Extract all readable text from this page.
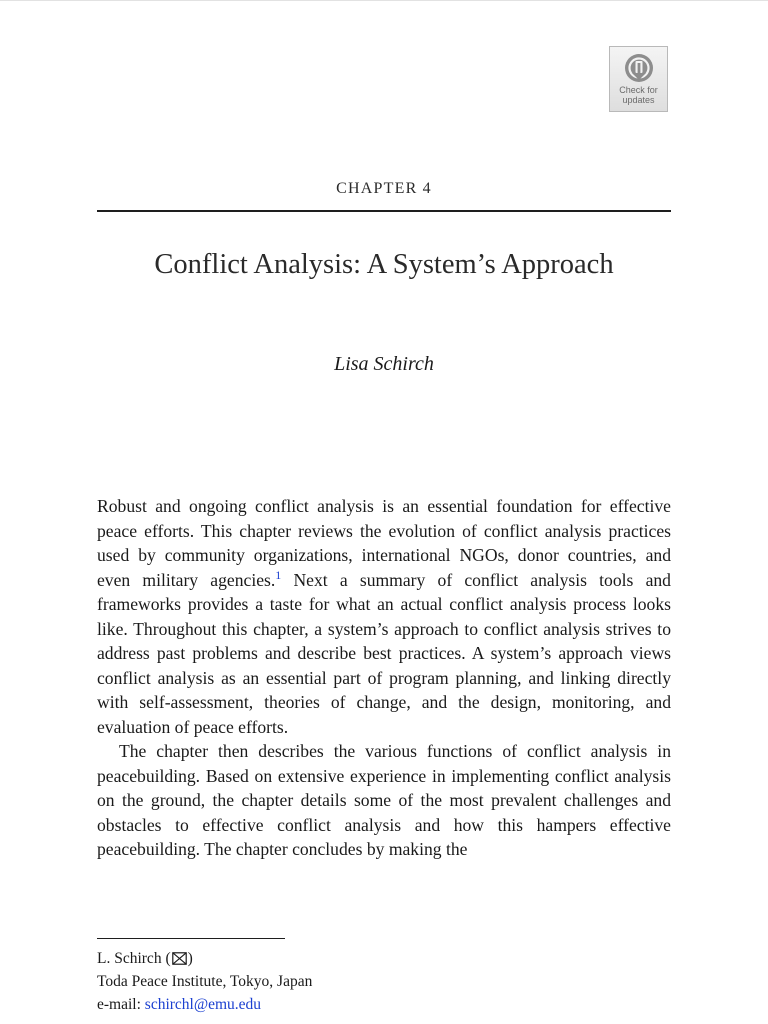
Check for
updates
CHAPTER 4
Conflict Analysis: A System’s Approach
Lisa Schirch

Robust and ongoing conflict analysis is an essential foundation for effective peace efforts. This chapter reviews the evolution of conflict analysis practices used by community organizations, international NGOs, donor countries, and even military agencies.$^1$ Next a summary of conflict analysis tools and frameworks provides a taste for what an actual conflict analysis process looks like. Throughout this chapter, a system’s approach to conflict analysis strives to address past problems and describe best practices. A system’s approach views conflict analysis as an essential part of program planning, and linking directly with self-assessment, theories of change, and the design, monitoring, and evaluation of peace efforts.

The chapter then describes the various functions of conflict analysis in peacebuilding. Based on extensive experience in implementing conflict analysis on the ground, the chapter details some of the most prevalent challenges and obstacles to effective conflict analysis and how this hampers effective peacebuilding. The chapter concludes by making the

L. Schirch ( )
Toda Peace Institute, Tokyo, Japan
e-mail: schirchl@emu.edu
